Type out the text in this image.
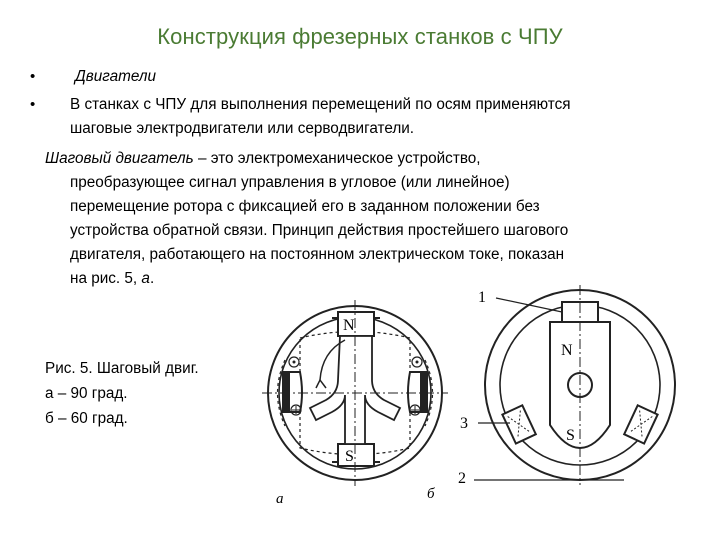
Конструкция фрезерных станков с ЧПУ
•	Двигатели
• В станках с ЧПУ для выполнения перемещений по осям применяются
шаговые электродвигатели или серводвигатели.
Шаговый двигатель – это электромеханическое устройство,
преобразующее сигнал управления в угловое (или линейное)
перемещение ротора с фиксацией его в заданном положении без
устройства обратной связи. Принцип действия простейшего шагового
двигателя, работающего на постоянном электрическом токе, показан
на рис. 5, а.
Рис. 5. Шаговый двиг.
а – 90 град.
б – 60 град.
N
S
а
N
S
1
3
2
б
